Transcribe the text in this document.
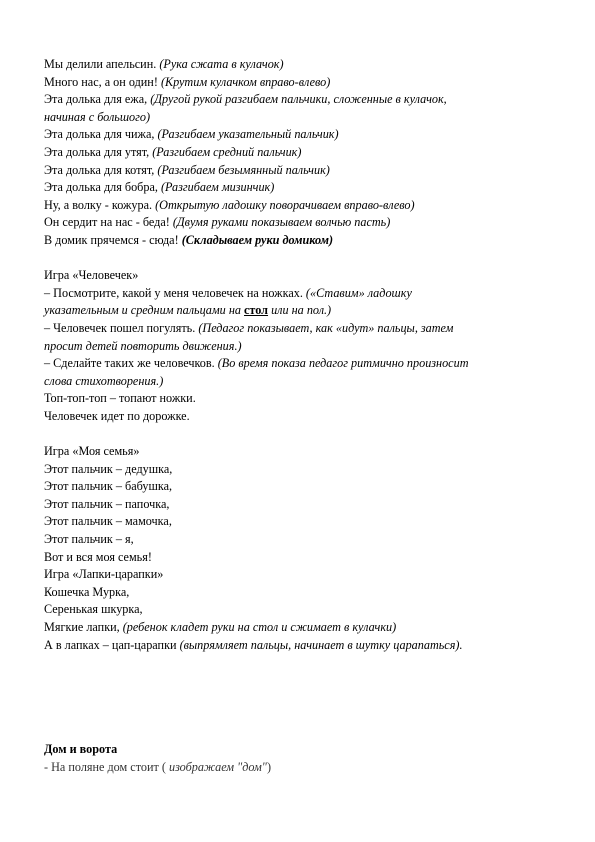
Мы делили апельсин. (Рука сжата в кулачок)
Много нас, а он один! (Крутим кулачком вправо-влево)
Эта долька для ежа, (Другой рукой разгибаем пальчики, сложенные в кулачок,
начиная с большого)
Эта долька для чижа, (Разгибаем указательный пальчик)
Эта долька для утят, (Разгибаем средний пальчик)
Эта долька для котят, (Разгибаем безымянный пальчик)
Эта долька для бобра, (Разгибаем мизинчик)
Ну, а волку - кожура. (Открытую ладошку поворачиваем вправо-влево)
Он сердит на нас - беда! (Двумя руками показываем волчью пасть)
В домик прячемся - сюда! (Складываем руки домиком)
Игра «Человечек»
– Посмотрите, какой у меня человечек на ножках. («Ставим» ладошку
указательным и средним пальцами на стол или на пол.)
– Человечек пошел погулять. (Педагог показывает, как «идут» пальцы, затем
просит детей повторить движения.)
– Сделайте таких же человечков. (Во время показа педагог ритмично произносит
слова стихотворения.)
Топ-топ-топ – топают ножки.
Человечек идет по дорожке.
Игра «Моя семья»
Этот пальчик – дедушка,
Этот пальчик – бабушка,
Этот пальчик – папочка,
Этот пальчик – мамочка,
Этот пальчик – я,
Вот и вся моя семья!
Игра «Лапки-царапки»
Кошечка Мурка,
Серенькая шкурка,
Мягкие лапки, (ребенок кладет руки на стол и сжимает в кулачки)
А в лапках – цап-царапки (выпрямляет пальцы, начинает в шутку царапаться).
Дом и ворота
- На поляне дом стоит ( изображаем "дом")
